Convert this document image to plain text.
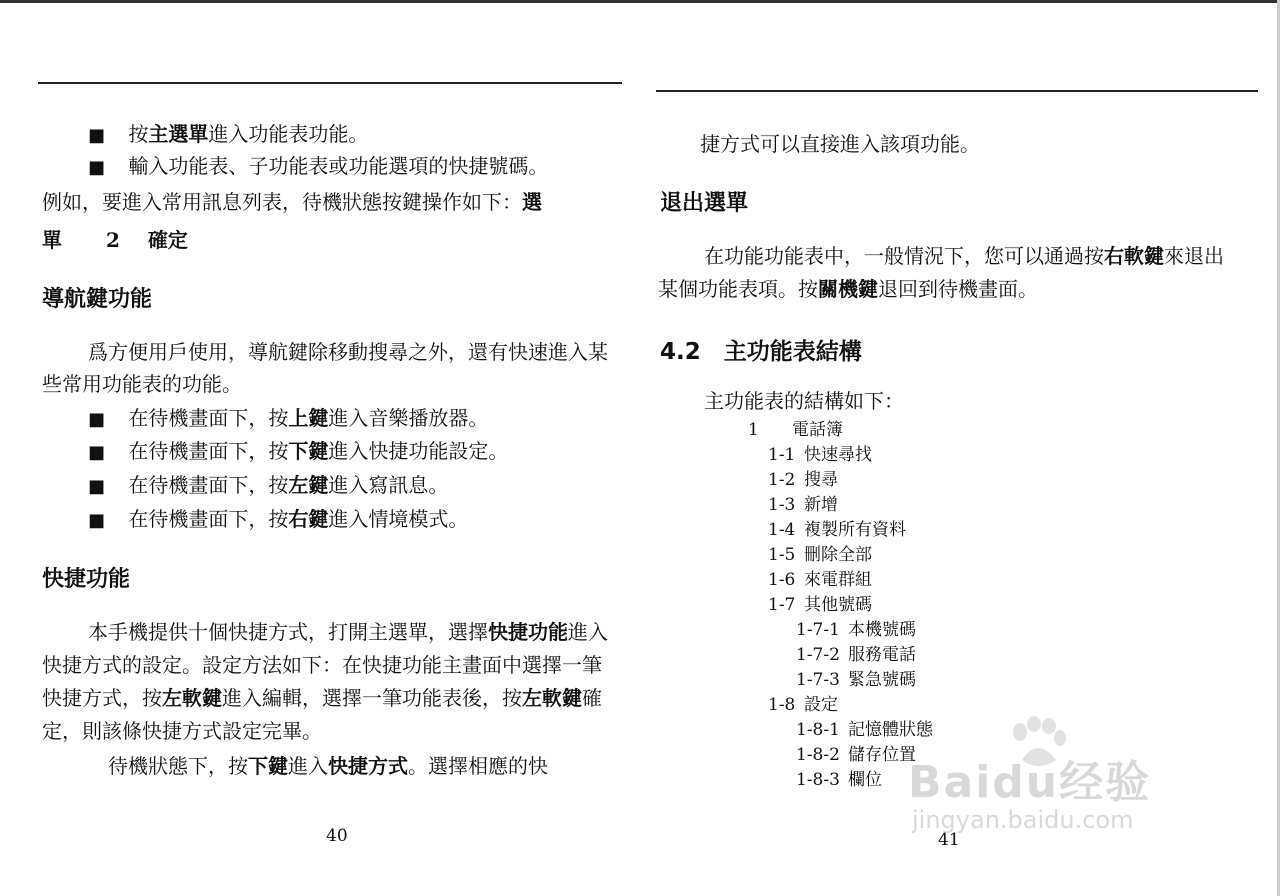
■ 按主選單進入功能表功能。
■ 輸入功能表、子功能表或功能選項的快捷號碼。
例如，要進入常用訊息列表，待機狀態按鍵操作如下：選
單 2 確定
導航鍵功能
爲方便用戶使用，導航鍵除移動搜尋之外，還有快速進入某些常用功能表的功能。
■ 在待機畫面下，按上鍵進入音樂播放器。
■ 在待機畫面下，按下鍵進入快捷功能設定。
■ 在待機畫面下，按左鍵進入寫訊息。
■ 在待機畫面下，按右鍵進入情境模式。
快捷功能
本手機提供十個快捷方式，打開主選單，選擇快捷功能進入快捷方式的設定。設定方法如下：在快捷功能主畫面中選擇一筆快捷方式，按左軟鍵進入編輯，選擇一筆功能表後，按左軟鍵確定，則該條快捷方式設定完畢。
待機狀態下，按下鍵進入快捷方式。選擇相應的快
40
捷方式可以直接進入該項功能。
退出選單
在功能功能表中，一般情況下，您可以通過按右軟鍵來退出某個功能表項。按關機鍵退回到待機畫面。
4.2　主功能表結構
主功能表的結構如下：
1 電話簿
1-1 快速尋找
1-2 搜尋
1-3 新增
1-4 複製所有資料
1-5 刪除全部
1-6 來電群組
1-7 其他號碼
1-7-1 本機號碼
1-7-2 服務電話
1-7-3 緊急號碼
1-8 設定
1-8-1 記憶體狀態
1-8-2 儲存位置
1-8-3 欄位
41
Baidu经验
jingyan.baidu.com
